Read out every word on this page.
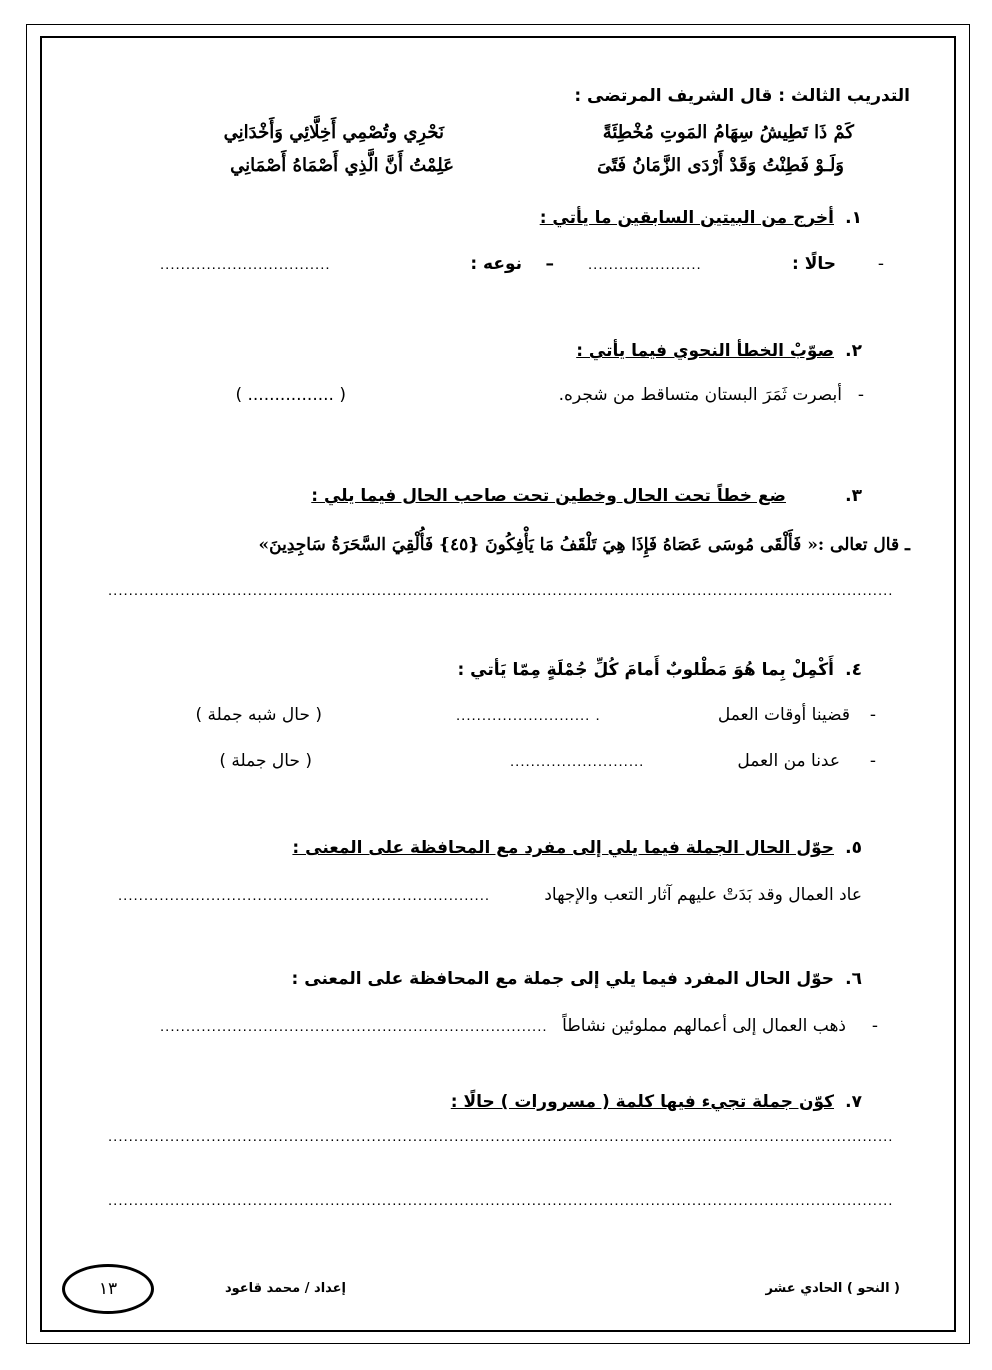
التدريب الثالث : قال الشريف المرتضى :
كَمْ ذَا تَطِيشُ سِهَامُ المَوتِ مُخْطِئَةً
نَحْرِي وتُصْمِي أَخِلَّائِي وَأَخْدَانِي
وَلَـوْ فَطِنْتُ وَقَدْ أَرْدَى الزَّمَانُ فَتًىَ
عَلِمْتُ أَنَّ الَّذِي أَصْمَاهُ أَصْمَانِي
١.
أخرج من البيتين السابقين ما يأتي :
-
حالًا :
......................
–
نوعه :
.................................
٢.
صوّبْ الخطأ النحوي فيما يأتي :
-
أبصرت ثَمَرَ البستان متساقط من شجره.
( ................ )
٣.
ضع خطاً تحت الحال وخطين تحت صاحب الحال فيما يلي :
ـ قال تعالى :« فَأَلْقَى مُوسَى عَصَاهُ فَإِذَا هِيَ تَلْقَفُ مَا يَأْفِكُونَ {٤٥} فَأُلْقِيَ السَّحَرَةُ سَاجِدِينَ»
........................................................................................................................................................
٤.
أَكْمِلْ بِما هُوَ مَطْلوبٌ أَمامَ كُلِّ جُمْلَةٍ مِمّا يَأتي :
-
قضينا أوقات العمل
.......................... .
( حال شبه جملة )
-
عدنا من العمل
..........................
( حال جملة )
٥.
حوّل الحال الجملة فيما يلي إلى مفرد مع المحافظة على المعنى :
عاد العمال وقد بَدَتْ عليهم آثار التعب والإجهاد
........................................................................
٦.
حوّل الحال المفرد فيما يلي إلى جملة مع المحافظة على المعنى :
-
ذهب العمال إلى أعمالهم مملوئين نشاطاً
...........................................................................
٧.
كوّن جملة تجيء فيها كلمة ( مسرورات ) حالًا :
........................................................................................................................................................
........................................................................................................................................................
( النحو ) الحادي عشر
إعداد / محمد قاعود
١٣
